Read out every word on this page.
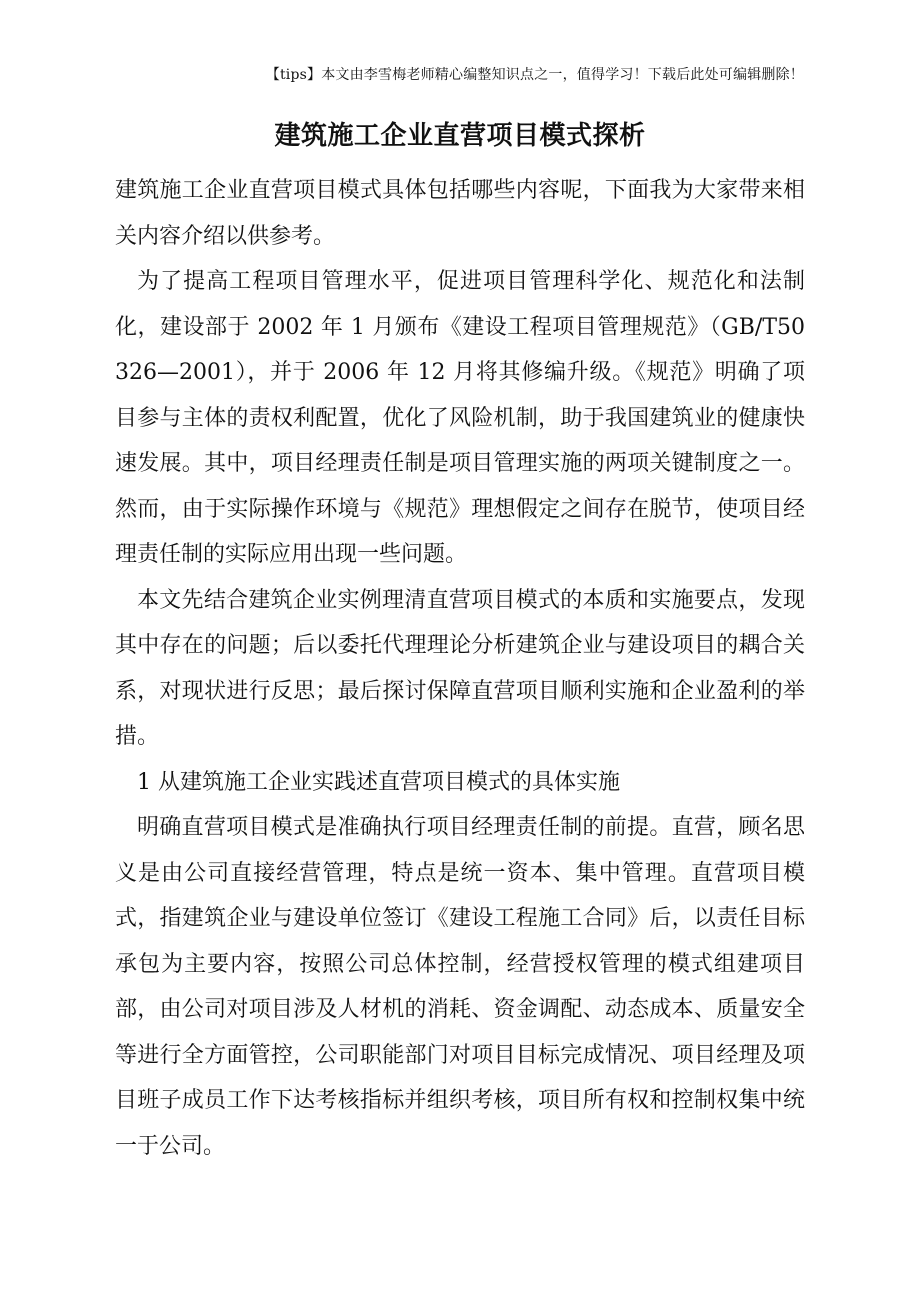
【tips】本文由李雪梅老师精心编整知识点之一，值得学习！下载后此处可编辑删除！
建筑施工企业直营项目模式探析

建筑施工企业直营项目模式具体包括哪些内容呢，下面我为大家带来相关内容介绍以供参考。

为了提高工程项目管理水平，促进项目管理科学化、规范化和法制化，建设部于 2002 年 1 月颁布《建设工程项目管理规范》（GB/T50326—2001），并于 2006 年 12 月将其修编升级。《规范》明确了项目参与主体的责权利配置，优化了风险机制，助于我国建筑业的健康快速发展。其中，项目经理责任制是项目管理实施的两项关键制度之一。然而，由于实际操作环境与《规范》理想假定之间存在脱节，使项目经理责任制的实际应用出现一些问题。

本文先结合建筑企业实例理清直营项目模式的本质和实施要点，发现其中存在的问题；后以委托代理理论分析建筑企业与建设项目的耦合关系，对现状进行反思；最后探讨保障直营项目顺利实施和企业盈利的举措。

1 从建筑施工企业实践述直营项目模式的具体实施

明确直营项目模式是准确执行项目经理责任制的前提。直营，顾名思义是由公司直接经营管理，特点是统一资本、集中管理。直营项目模式，指建筑企业与建设单位签订《建设工程施工合同》后，以责任目标承包为主要内容，按照公司总体控制，经营授权管理的模式组建项目部，由公司对项目涉及人材机的消耗、资金调配、动态成本、质量安全等进行全方面管控，公司职能部门对项目目标完成情况、项目经理及项目班子成员工作下达考核指标并组织考核，项目所有权和控制权集中统一于公司。
